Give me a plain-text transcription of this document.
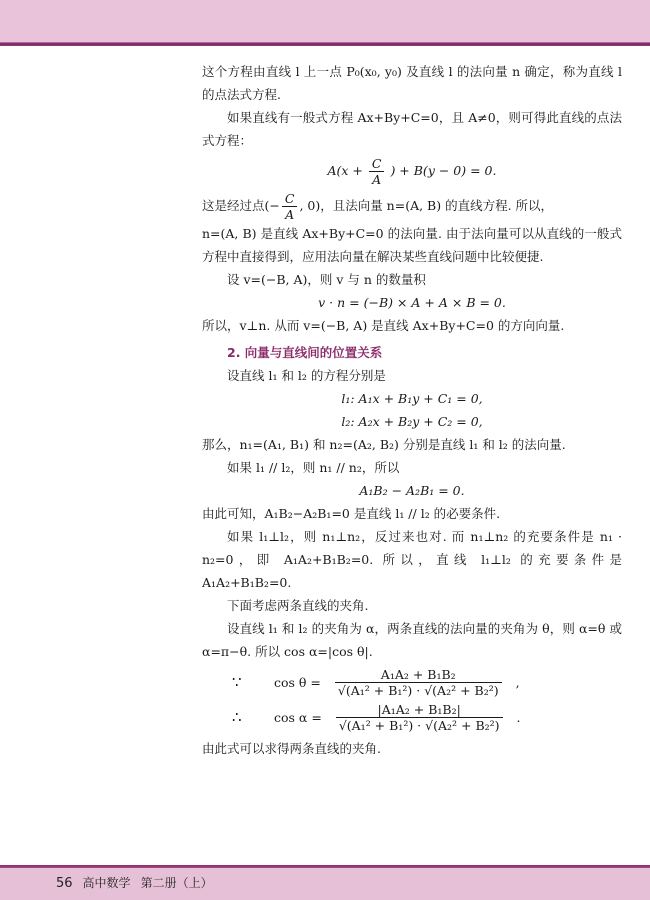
这个方程由直线 l 上一点 P₀(x₀, y₀) 及直线 l 的法向量 n 确定，称为直线 l 的点法式方程.

如果直线有一般式方程 Ax+By+C=0，且 A≠0，则可得此直线的点法式方程：

$A(x + \frac{C}{A}$ ) + B(y − 0) = 0.

这是经过点(− $\frac{C}{A}$ , 0)，且法向量 n=(A, B) 的直线方程. 所以，

n=(A, B) 是直线 Ax+By+C=0 的法向量. 由于法向量可以从直线的一般式方程中直接得到，应用法向量在解决某些直线问题中比较便捷.

设 v=(−B, A)，则 v 与 n 的数量积

v · n = (−B) × A + A × B = 0.

所以，v⊥n. 从而 v=(−B, A) 是直线 Ax+By+C=0 的方向向量.

2. 向量与直线间的位置关系

设直线 l₁ 和 l₂ 的方程分别是

l₁: A₁x + B₁y + C₁ = 0,

l₂: A₂x + B₂y + C₂ = 0,

那么，n₁=(A₁, B₁) 和 n₂=(A₂, B₂) 分别是直线 l₁ 和 l₂ 的法向量.

如果 l₁ // l₂，则 n₁ // n₂，所以

A₁B₂ − A₂B₁ = 0.

由此可知，A₁B₂−A₂B₁=0 是直线 l₁ // l₂ 的必要条件.

如果 l₁⊥l₂，则 n₁⊥n₂，反过来也对. 而 n₁⊥n₂ 的充要条件是 n₁ · n₂=0，即 A₁A₂+B₁B₂=0. 所以，直线 l₁⊥l₂ 的充要条件是 A₁A₂+B₁B₂=0.

下面考虑两条直线的夹角.

设直线 l₁ 和 l₂ 的夹角为 α，两条直线的法向量的夹角为 θ，则 α=θ 或 α=π−θ. 所以 cos α=|cos θ|.

∵	$\cos \theta = \frac{\text{A₁A₂ + B₁B₂}}{\text{√(A₁² + B₁²) · √(A₂² + B₂²)}}$ ,
∴	$\cos \alpha = \frac{\text{|A₁A₂ + B₁B₂|}}{\text{√(A₁² + B₁²) · √(A₂² + B₂²)}}$ .

由此式可以求得两条直线的夹角.

56 高中数学 第二册（上）
